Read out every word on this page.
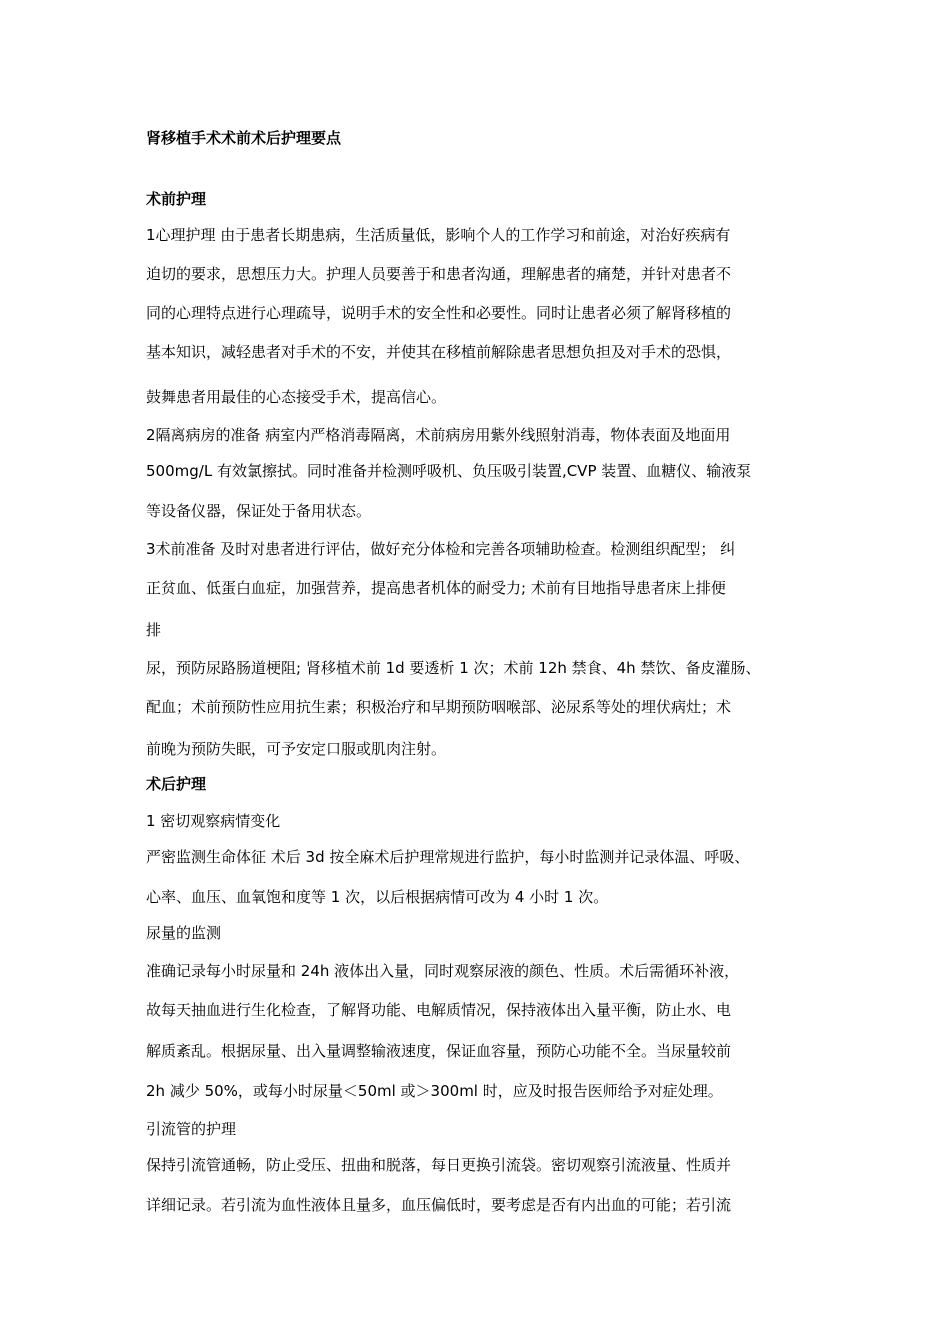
肾移植手术术前术后护理要点
术前护理
1心理护理 由于患者长期患病，生活质量低，影响个人的工作学习和前途，对治好疾病有
迫切的要求，思想压力大。护理人员要善于和患者沟通，理解患者的痛楚，并针对患者不
同的心理特点进行心理疏导，说明手术的安全性和必要性。同时让患者必须了解肾移植的
基本知识，减轻患者对手术的不安，并使其在移植前解除患者思想负担及对手术的恐惧，
鼓舞患者用最佳的心态接受手术，提高信心。
2隔离病房的准备 病室内严格消毒隔离，术前病房用紫外线照射消毒，物体表面及地面用
500mg/L 有效氯擦拭。同时准备并检测呼吸机、负压吸引装置,CVP 装置、血糖仪、输液泵
等设备仪器，保证处于备用状态。
3术前准备 及时对患者进行评估，做好充分体检和完善各项辅助检查。检测组织配型； 纠
正贫血、低蛋白血症，加强营养，提高患者机体的耐受力; 术前有目地指导患者床上排便
排
尿，预防尿路肠道梗阻; 肾移植术前 1d 要透析 1 次；术前 12h 禁食、4h 禁饮、备皮灌肠、
配血；术前预防性应用抗生素；积极治疗和早期预防咽喉部、泌尿系等处的埋伏病灶；术
前晚为预防失眠，可予安定口服或肌肉注射。
术后护理
1 密切观察病情变化
严密监测生命体征 术后 3d 按全麻术后护理常规进行监护，每小时监测并记录体温、呼吸、
心率、血压、血氧饱和度等 1 次，以后根据病情可改为 4 小时 1 次。
尿量的监测
准确记录每小时尿量和 24h 液体出入量，同时观察尿液的颜色、性质。术后需循环补液，
故每天抽血进行生化检查，了解肾功能、电解质情况，保持液体出入量平衡，防止水、电
解质紊乱。根据尿量、出入量调整输液速度，保证血容量，预防心功能不全。当尿量较前
2h 减少 50%，或每小时尿量＜50ml 或＞300ml 时，应及时报告医师给予对症处理。
引流管的护理
保持引流管通畅，防止受压、扭曲和脱落，每日更换引流袋。密切观察引流液量、性质并
详细记录。若引流为血性液体且量多，血压偏低时，要考虑是否有内出血的可能；若引流
